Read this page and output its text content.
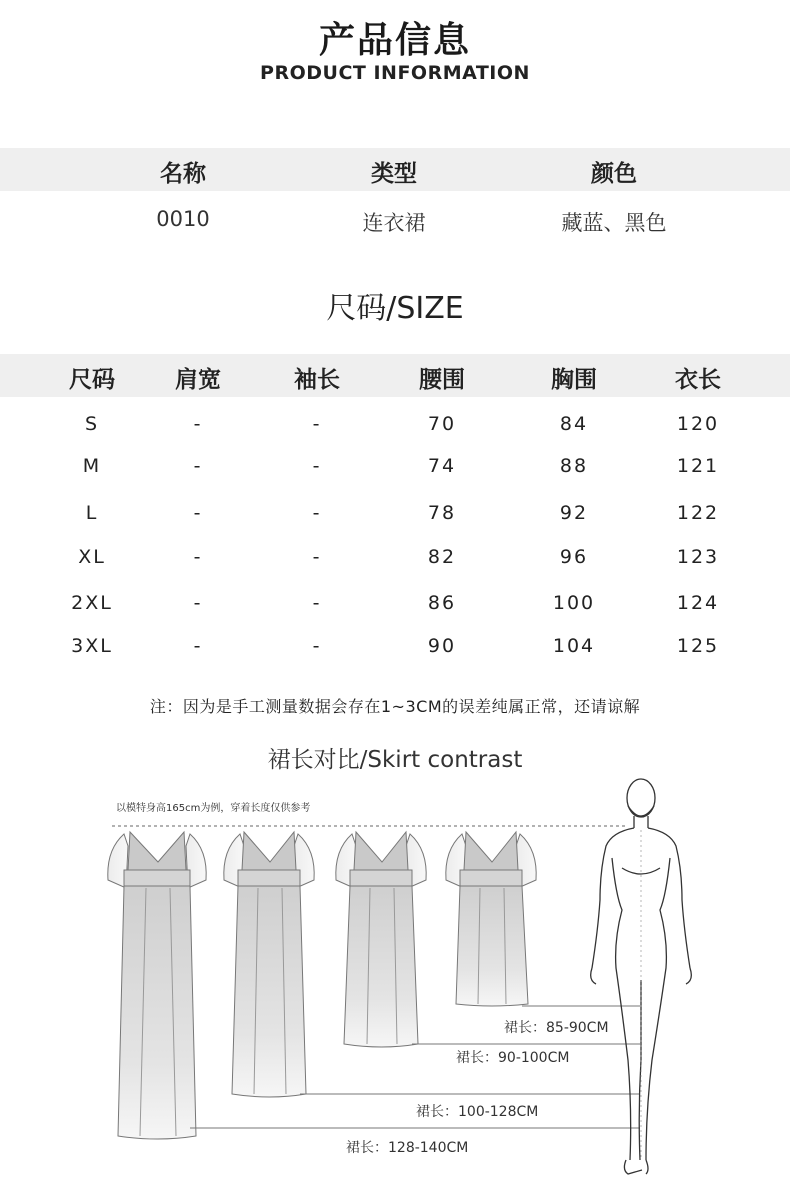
产品信息
PRODUCT INFORMATION
名称	类型	颜色
0010	连衣裙	藏蓝、黑色
尺码/SIZE
尺码	肩宽	袖长	腰围	胸围	衣长
S	-	-	70	84	120
M	-	-	74	88	121
L	-	-	78	92	122
XL	-	-	82	96	123
2XL	-	-	86	100	124
3XL	-	-	90	104	125
注：因为是手工测量数据会存在1~3CM的误差纯属正常，还请谅解
裙长对比/Skirt contrast
以模特身高165cm为例，穿着长度仅供参考
裙长：85-90CM
裙长：90-100CM
裙长：100-128CM
裙长：128-140CM
